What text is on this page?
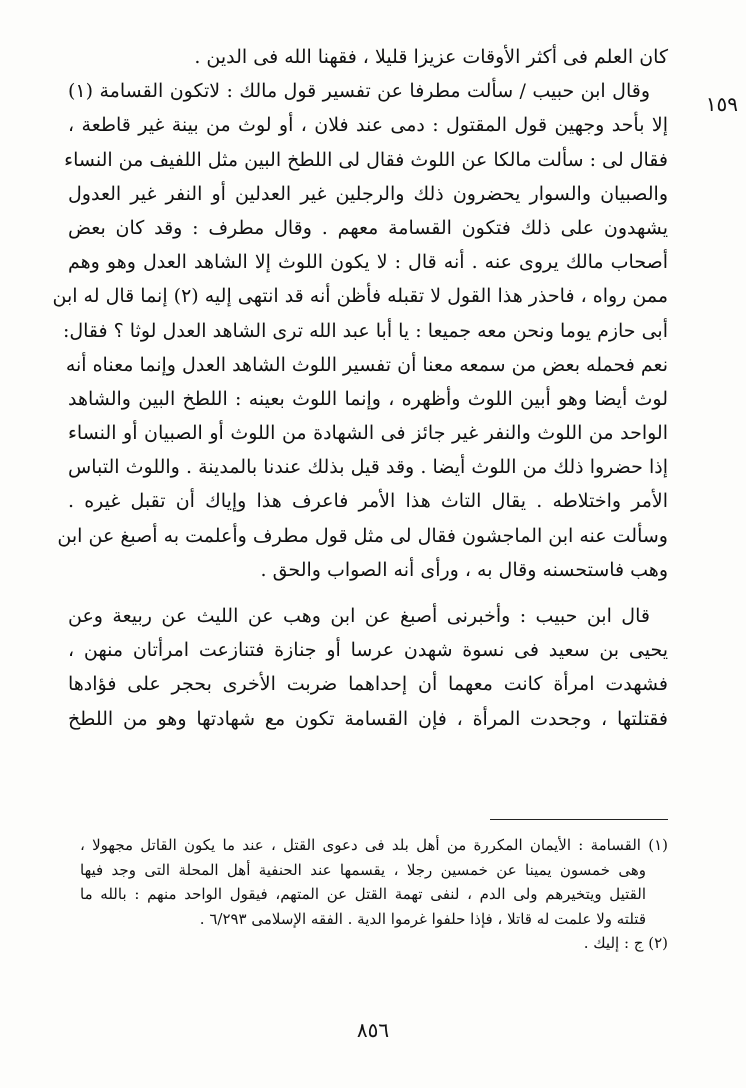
١٥٩
كان العلم فى أكثر الأوقات عزيزا قليلا ، فقهنا الله فى الدين .
وقال ابن حبيب / سألت مطرفا عن تفسير قول مالك : لاتكون القسامة (١)
إلا بأحد وجهين قول المقتول : دمى عند فلان ، أو لوث من بينة غير قاطعة ،
فقال لى : سألت مالكا عن اللوث فقال لى اللطخ البين مثل اللفيف من النساء
والصبيان والسوار يحضرون ذلك والرجلين غير العدلين أو النفر غير العدول
يشهدون على ذلك فتكون القسامة معهم . وقال مطرف : وقد كان بعض
أصحاب مالك يروى عنه . أنه قال : لا يكون اللوث إلا الشاهد العدل وهو وهم
ممن رواه ، فاحذر هذا القول لا تقبله فأظن أنه قد انتهى إليه (٢) إنما قال له ابن
أبى حازم يوما ونحن معه جميعا : يا أبا عبد الله ترى الشاهد العدل لوثا ؟ فقال:
نعم فحمله بعض من سمعه معنا أن تفسير اللوث الشاهد العدل وإنما معناه أنه
لوث أيضا وهو أبين اللوث وأظهره ، وإنما اللوث بعينه : اللطخ البين والشاهد
الواحد من اللوث والنفر غير جائز فى الشهادة من اللوث أو الصبيان أو النساء
إذا حضروا ذلك من اللوث أيضا . وقد قيل بذلك عندنا بالمدينة . واللوث التباس
الأمر واختلاطه . يقال التاث هذا الأمر فاعرف هذا وإياك أن تقبل غيره .
وسألت عنه ابن الماجشون فقال لى مثل قول مطرف وأعلمت به أصبغ عن ابن
وهب فاستحسنه وقال به ، ورأى أنه الصواب والحق .
قال ابن حبيب : وأخبرنى أصبغ عن ابن وهب عن الليث عن ربيعة وعن
يحيى بن سعيد فى نسوة شهدن عرسا أو جنازة فتنازعت امرأتان منهن ،
فشهدت امرأة كانت معهما أن إحداهما ضربت الأخرى بحجر على فؤادها
فقتلتها ، وجحدت المرأة ، فإن القسامة تكون مع شهادتها وهو من اللطخ
(١) القسامة : الأيمان المكررة من أهل بلد فى دعوى القتل ، عند ما يكون القاتل مجهولا ،
وهى خمسون يمينا عن خمسين رجلا ، يقسمها عند الحنفية أهل المحلة التى وجد فيها
القتيل ويتخيرهم ولى الدم ، لنفى تهمة القتل عن المتهم، فيقول الواحد منهم : بالله ما
قتلته ولا علمت له قاتلا ، فإذا حلفوا غرموا الدية . الفقه الإسلامى ٦/٢٩٣ .
(٢) ج : إليك .
٨٥٦
